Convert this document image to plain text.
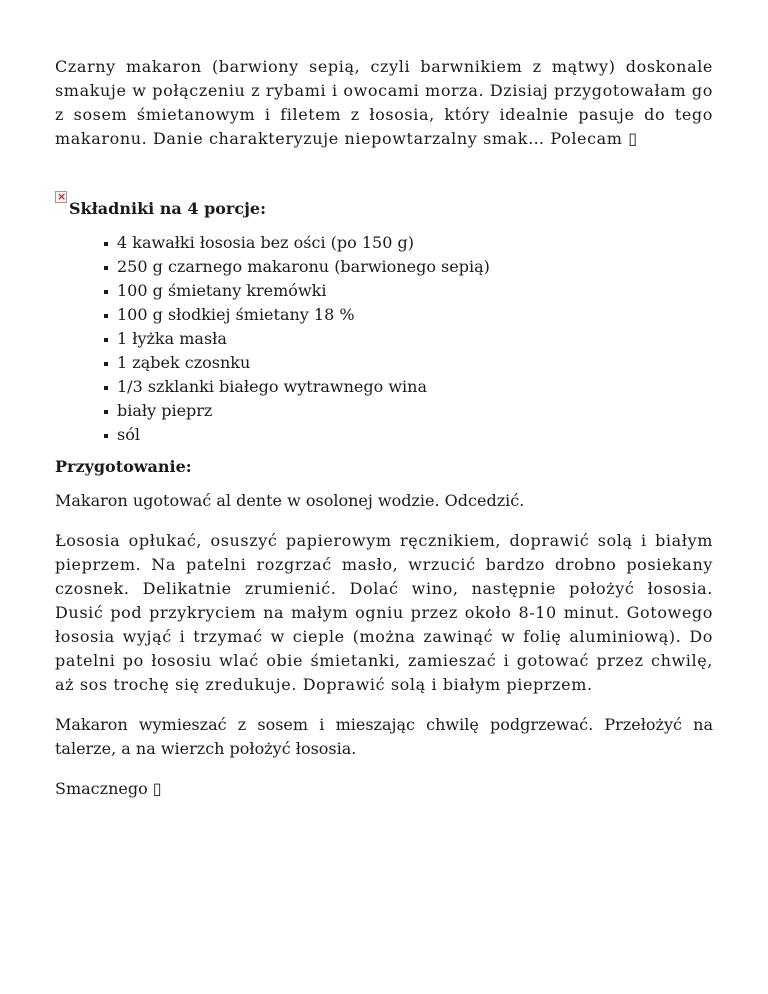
Czarny makaron (barwiony sepią, czyli barwnikiem z mątwy) doskonale smakuje w połączeniu z rybami i owocami morza. Dzisiaj przygotowałam go z sosem śmietanowym i filetem z łososia, który idealnie pasuje do tego makaronu. Danie charakteryzuje niepowtarzalny smak… Polecam ▯

×
Składniki na 4 porcje:
4 kawałki łososia bez ości (po 150 g)
250 g czarnego makaronu (barwionego sepią)
100 g śmietany kremówki
100 g słodkiej śmietany 18 %
1 łyżka masła
1 ząbek czosnku
1/3 szklanki białego wytrawnego wina
biały pieprz
sól
Przygotowanie:

Makaron ugotować al dente w osolonej wodzie. Odcedzić.

Łososia opłukać, osuszyć papierowym ręcznikiem, doprawić solą i białym pieprzem. Na patelni rozgrzać masło, wrzucić bardzo drobno posiekany czosnek. Delikatnie zrumienić. Dolać wino, następnie położyć łososia. Dusić pod przykryciem na małym ogniu przez około 8-10 minut. Gotowego łososia wyjąć i trzymać w cieple (można zawinąć w folię aluminiową). Do patelni po łososiu wlać obie śmietanki, zamieszać i gotować przez chwilę, aż sos trochę się zredukuje. Doprawić solą i białym pieprzem.

Makaron wymieszać z sosem i mieszając chwilę podgrzewać. Przełożyć na talerze, a na wierzch położyć łososia.

Smacznego ▯
